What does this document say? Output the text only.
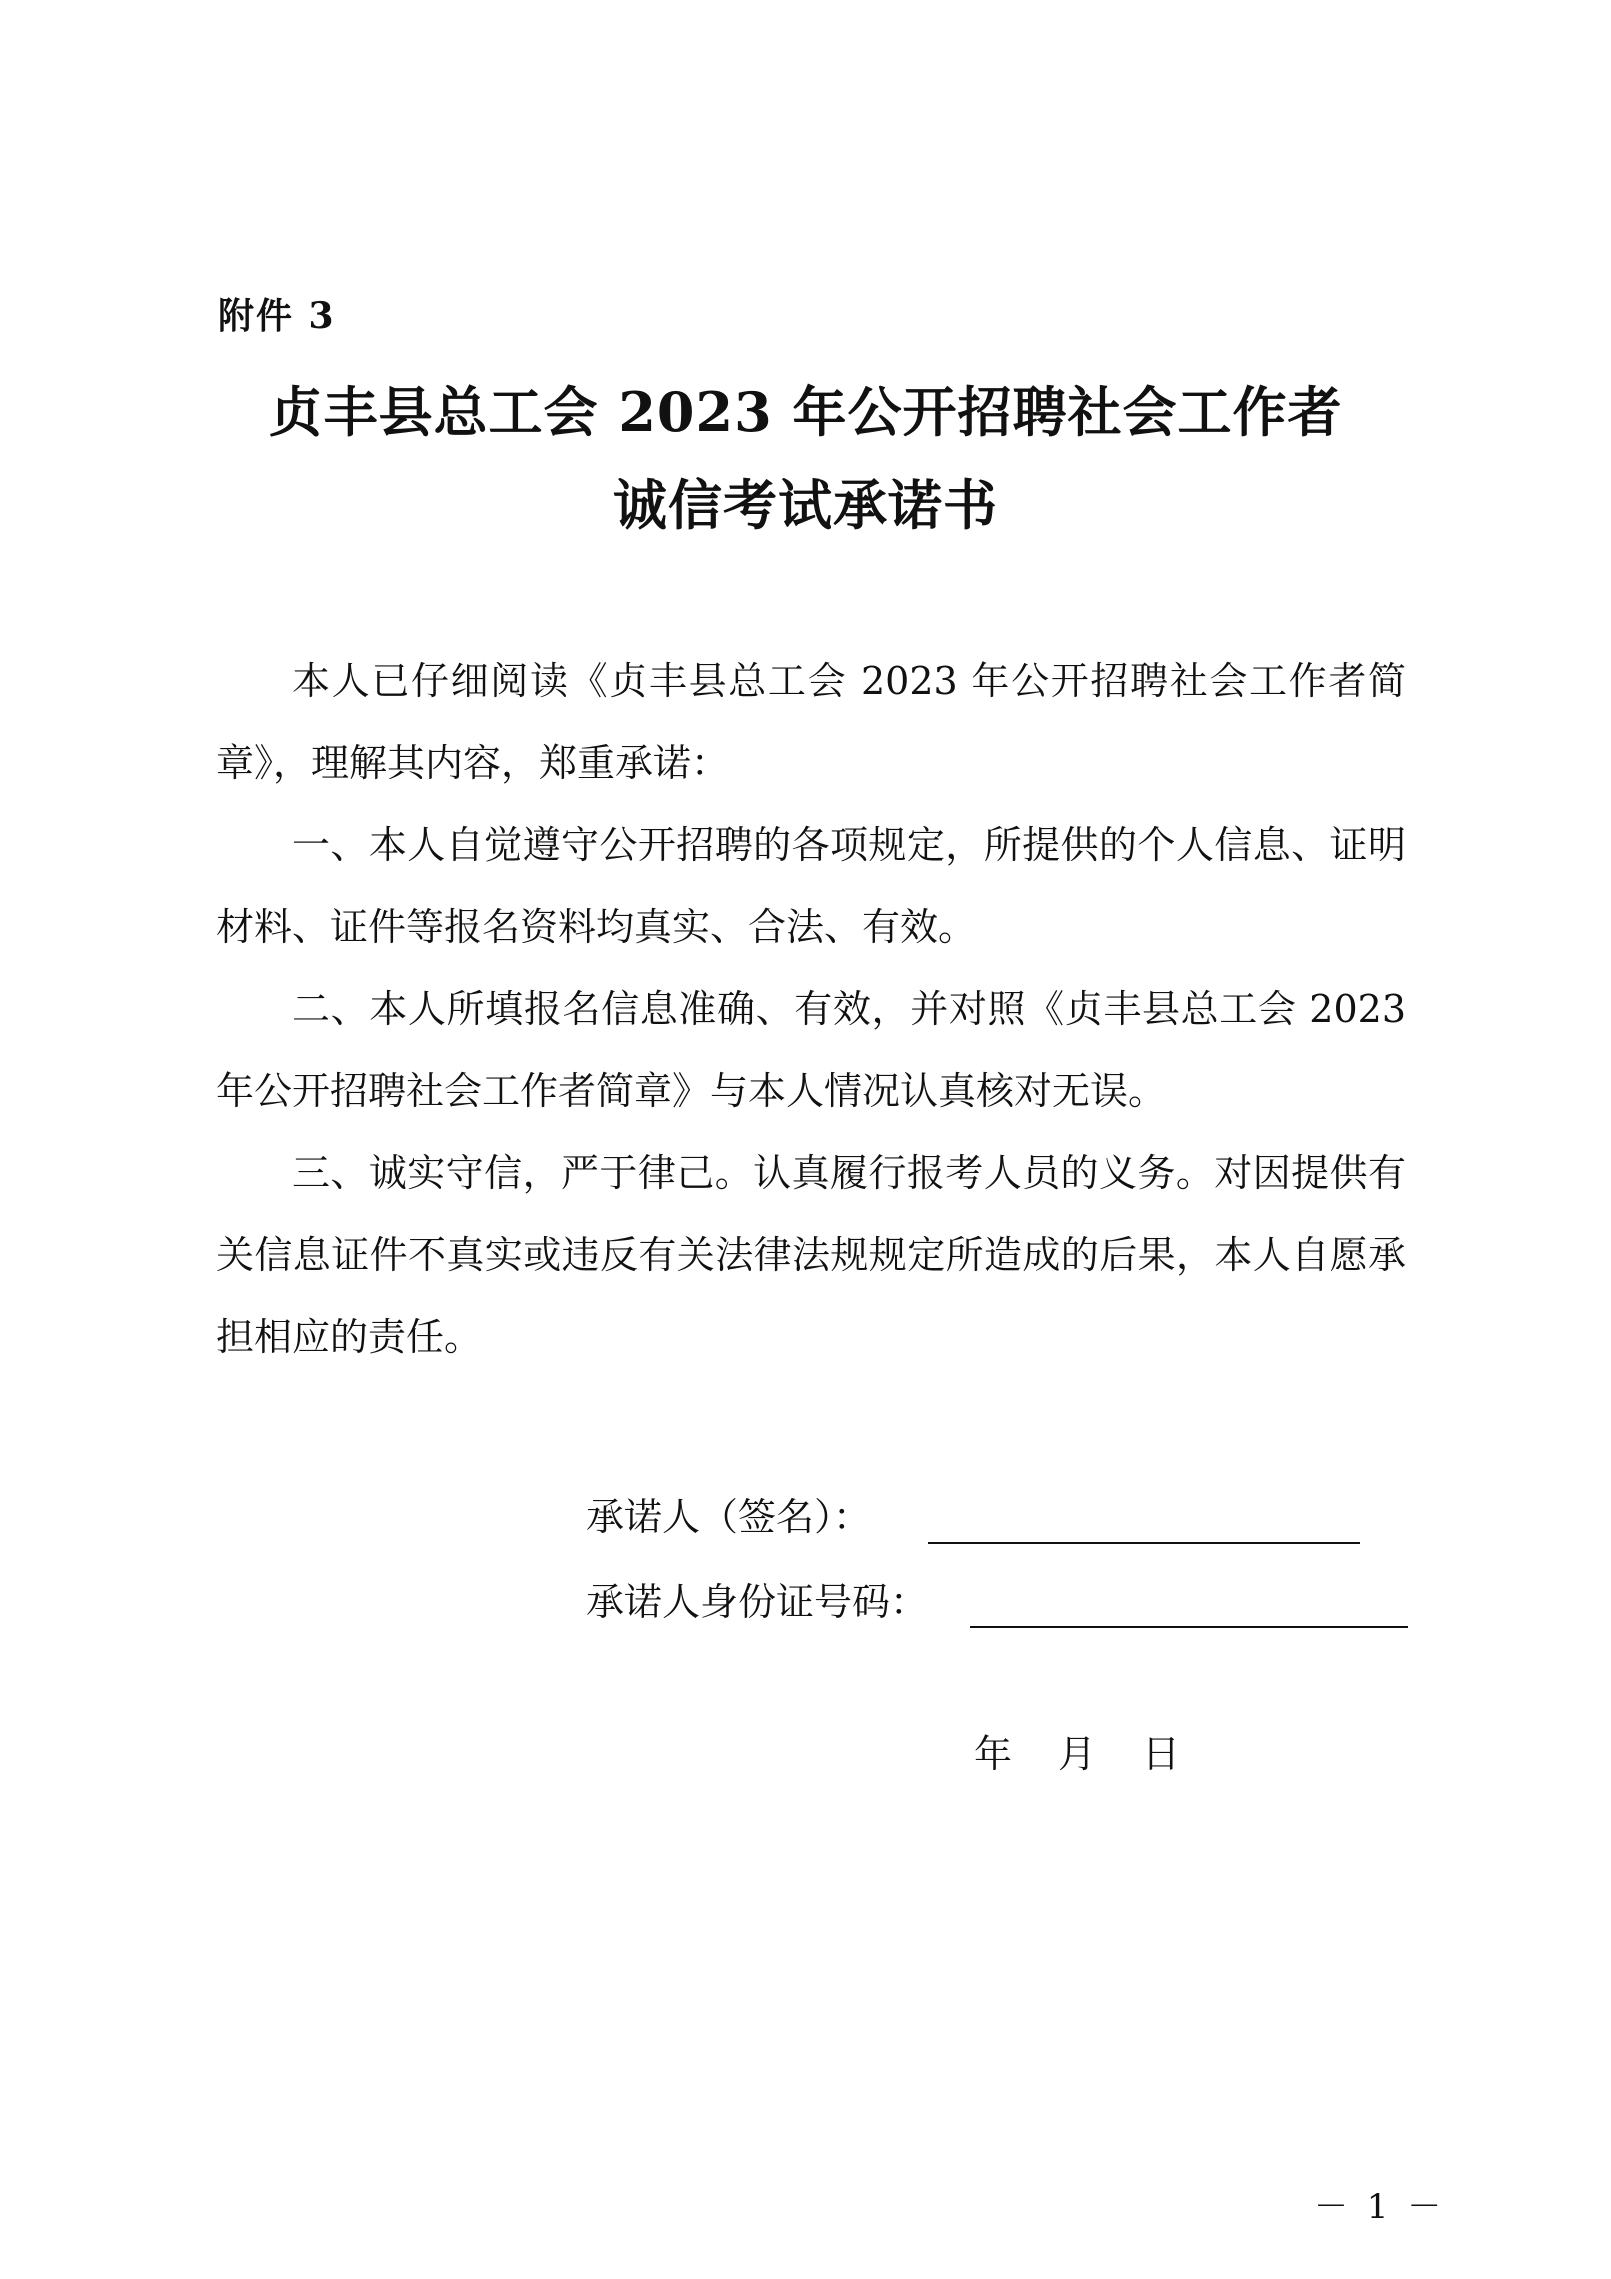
附件 3
贞丰县总工会 2023 年公开招聘社会工作者
诚信考试承诺书

本人已仔细阅读《贞丰县总工会 2023 年公开招聘社会工作者简章》，理解其内容，郑重承诺：

一、本人自觉遵守公开招聘的各项规定，所提供的个人信息、证明材料、证件等报名资料均真实、合法、有效。

二、本人所填报名信息准确、有效，并对照《贞丰县总工会 2023 年公开招聘社会工作者简章》与本人情况认真核对无误。

三、诚实守信，严于律己。认真履行报考人员的义务。对因提供有关信息证件不真实或违反有关法律法规规定所造成的后果，本人自愿承担相应的责任。

承诺人（签名）：
承诺人身份证号码：
年 月 日
－ 1 －
